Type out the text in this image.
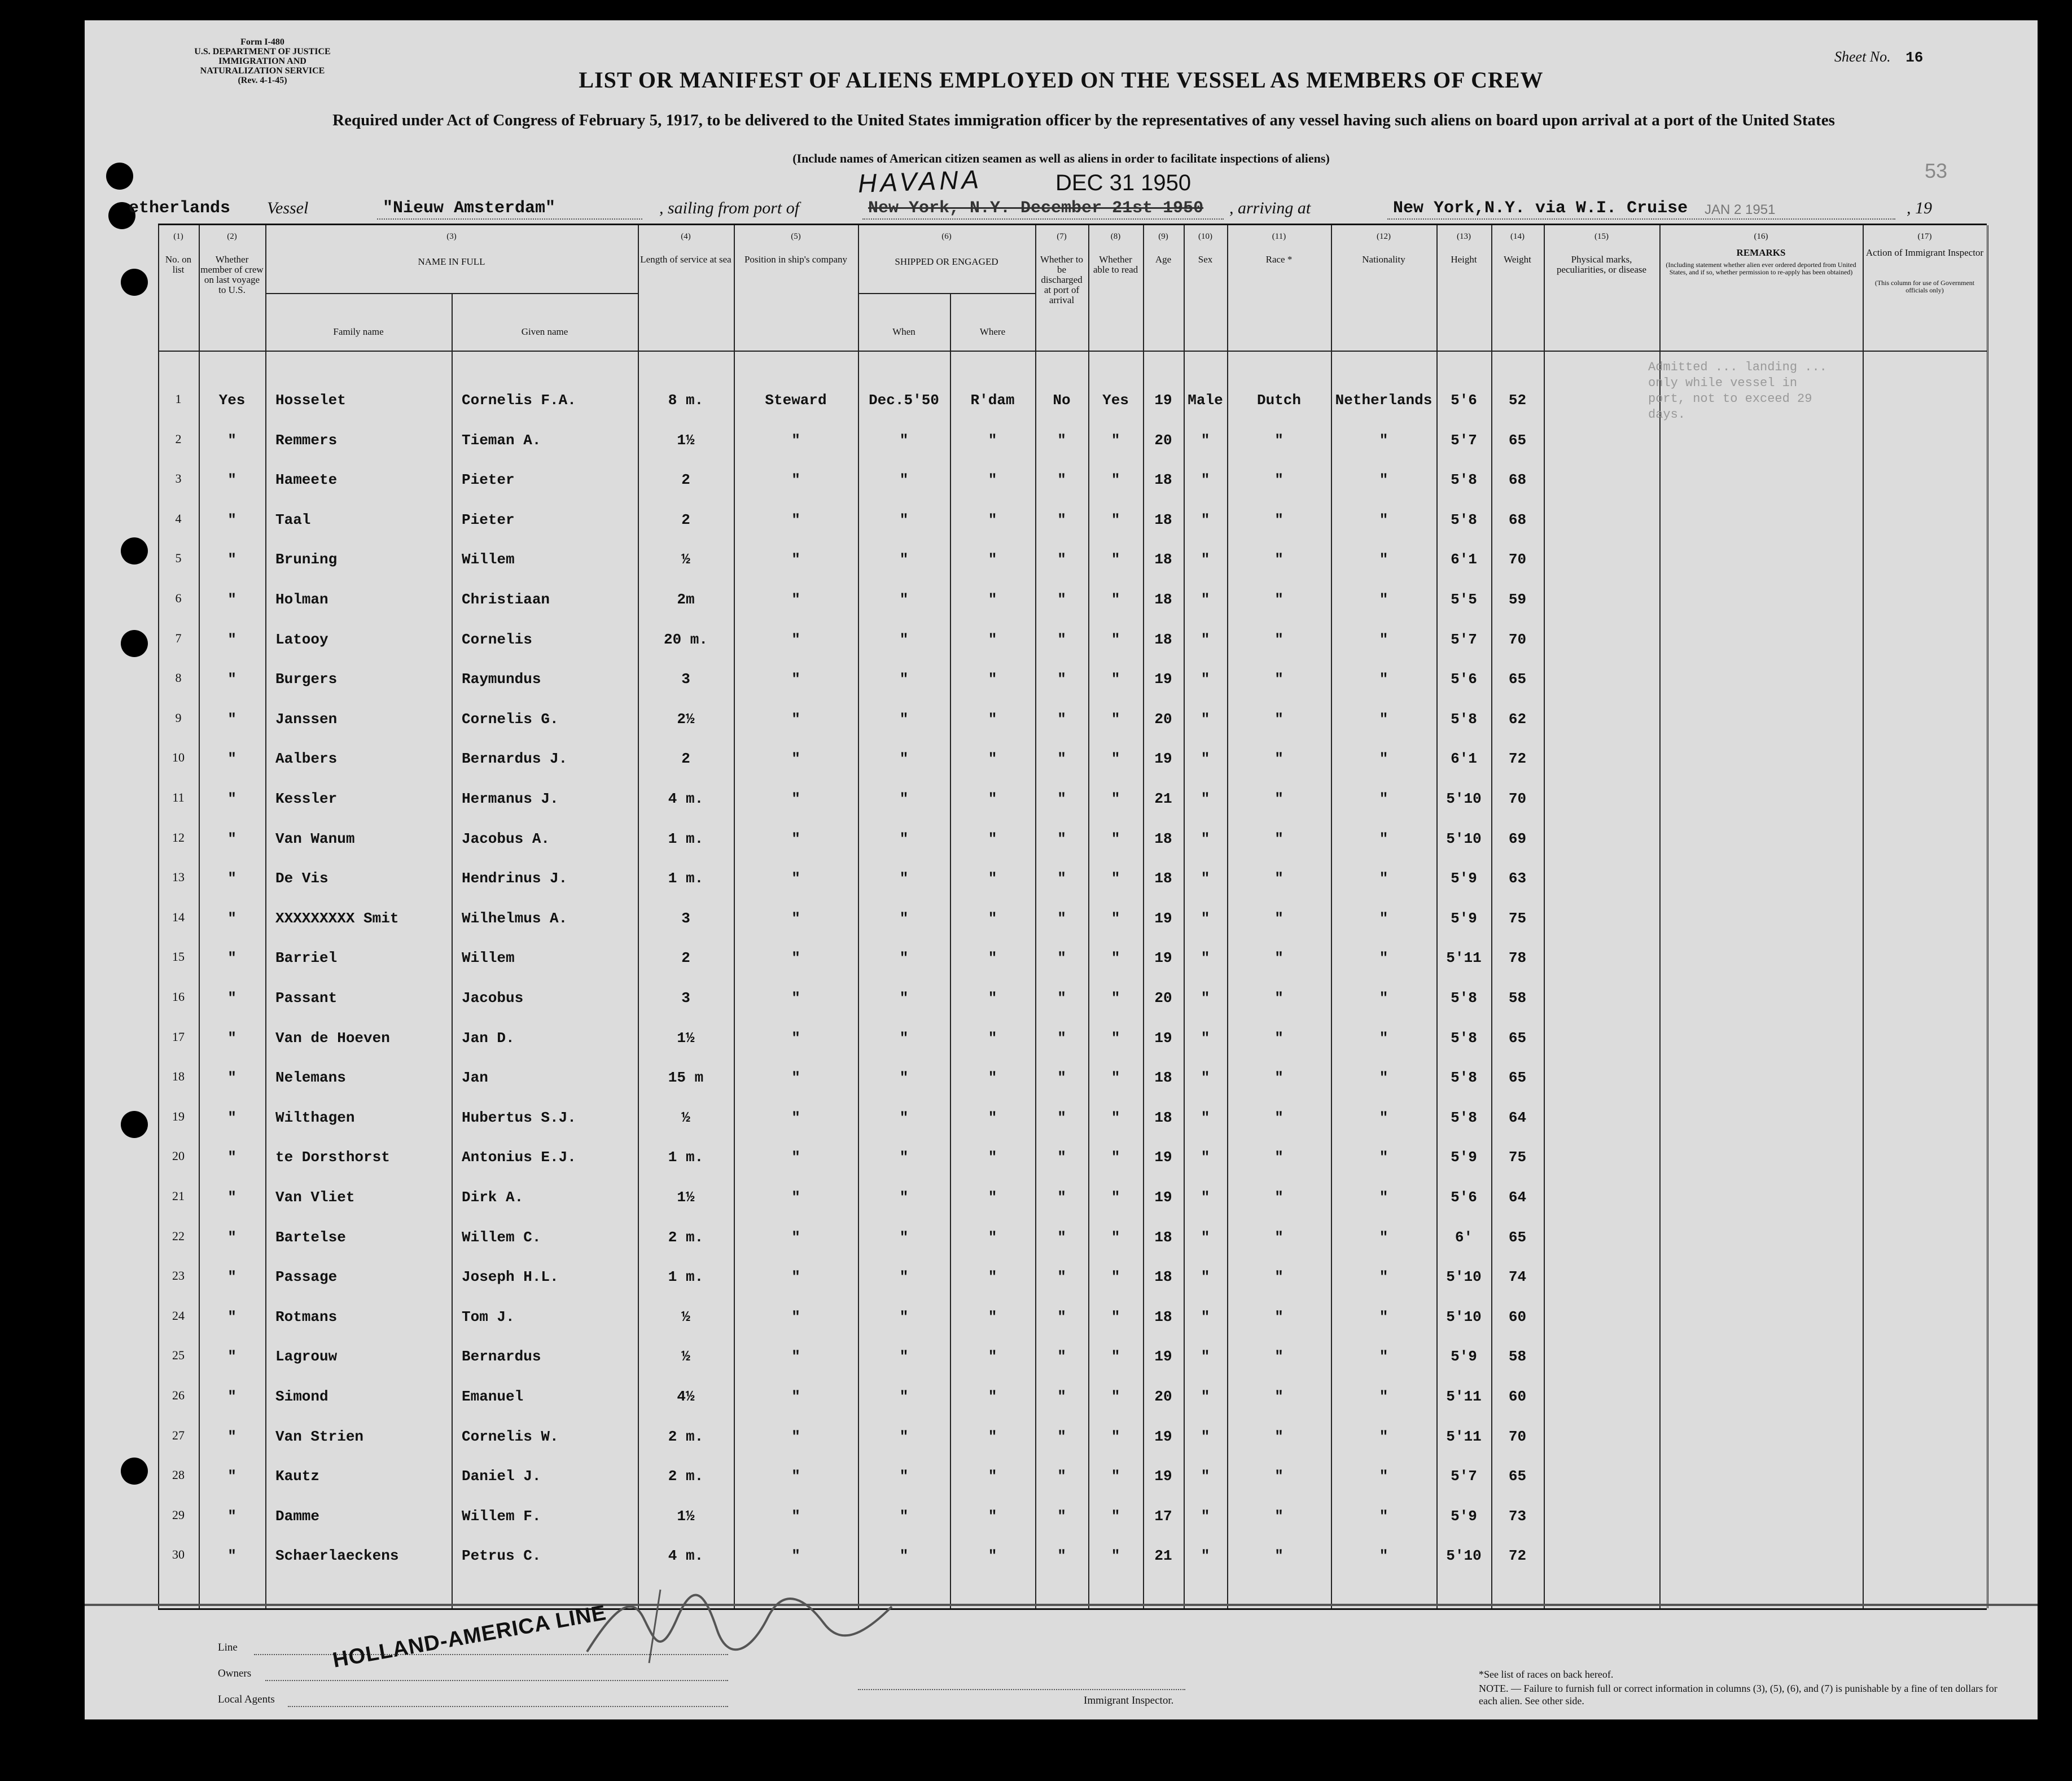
Form I-480
U.S. DEPARTMENT OF JUSTICE
IMMIGRATION AND NATURALIZATION SERVICE
(Rev. 4-1-45)
Sheet No. 16
LIST OR MANIFEST OF ALIENS EMPLOYED ON THE VESSEL AS MEMBERS OF CREW
Required under Act of Congress of February 5, 1917, to be delivered to the United States immigration officer by the representatives of any vessel having such aliens on board upon arrival at a port of the United States
(Include names of American citizen seamen as well as aliens in order to facilitate inspections of aliens)
HAVANA	DEC 31 1950	53
etherlands Vessel	"Nieuw Amsterdam"	, sailing from port of	New York, N.Y. December 21st 1950 , arriving at	New York,N.Y. via W.I. Cruise	, 19
JAN 2 1951
(1)
No. on list
(2)
Whether member of crew on last voyage to U.S.
(3)
NAME IN FULL
(4)
Length of service at sea
(5)
Position in ship's company
(6)
SHIPPED OR ENGAGED
(7)
Whether to be discharged at port of arrival
(8)
Whether able to read
(9)
Age
(10)
Sex
(11)
Race *
(12)
Nationality
(13)
Height
(14)
Weight
(15)
Physical marks, peculiarities, or disease
(16)
REMARKS
(Including statement whether alien ever ordered deported from United States, and if so, whether permission to re-apply has been obtained)
(17)
Action of Immigrant Inspector
(This column for use of Government officials only)
Family name	Given name	When	Where
1	Yes	Hosselet	Cornelis F.A.	8 m.	Steward	Dec.5'50	R'dam	No	Yes	19	Male	Dutch	Netherlands	5'6	52
2	"	Remmers	Tieman A.	1½	"	"	"	"	"	20	"	"	"	5'7	65
3	"	Hameete	Pieter	2	"	"	"	"	"	18	"	"	"	5'8	68
4	"	Taal	Pieter	2	"	"	"	"	"	18	"	"	"	5'8	68
5	"	Bruning	Willem	½	"	"	"	"	"	18	"	"	"	6'1	70
6	"	Holman	Christiaan	2m	"	"	"	"	"	18	"	"	"	5'5	59
7	"	Latooy	Cornelis	20 m.	"	"	"	"	"	18	"	"	"	5'7	70
8	"	Burgers	Raymundus	3	"	"	"	"	"	19	"	"	"	5'6	65
9	"	Janssen	Cornelis G.	2½	"	"	"	"	"	20	"	"	"	5'8	62
10	"	Aalbers	Bernardus J.	2	"	"	"	"	"	19	"	"	"	6'1	72
11	"	Kessler	Hermanus J.	4 m.	"	"	"	"	"	21	"	"	"	5'10	70
12	"	Van Wanum	Jacobus A.	1 m.	"	"	"	"	"	18	"	"	"	5'10	69
13	"	De Vis	Hendrinus J.	1 m.	"	"	"	"	"	18	"	"	"	5'9	63
14	"	XXXXXXXXX Smit	Wilhelmus A.	3	"	"	"	"	"	19	"	"	"	5'9	75
15	"	Barriel	Willem	2	"	"	"	"	"	19	"	"	"	5'11	78
16	"	Passant	Jacobus	3	"	"	"	"	"	20	"	"	"	5'8	58
17	"	Van de Hoeven	Jan D.	1½	"	"	"	"	"	19	"	"	"	5'8	65
18	"	Nelemans	Jan	15 m	"	"	"	"	"	18	"	"	"	5'8	65
19	"	Wilthagen	Hubertus S.J.	½	"	"	"	"	"	18	"	"	"	5'8	64
20	"	te Dorsthorst	Antonius E.J.	1 m.	"	"	"	"	"	19	"	"	"	5'9	75
21	"	Van Vliet	Dirk A.	1½	"	"	"	"	"	19	"	"	"	5'6	64
22	"	Bartelse	Willem C.	2 m.	"	"	"	"	"	18	"	"	"	6'	65
23	"	Passage	Joseph H.L.	1 m.	"	"	"	"	"	18	"	"	"	5'10	74
24	"	Rotmans	Tom J.	½	"	"	"	"	"	18	"	"	"	5'10	60
25	"	Lagrouw	Bernardus	½	"	"	"	"	"	19	"	"	"	5'9	58
26	"	Simond	Emanuel	4½	"	"	"	"	"	20	"	"	"	5'11	60
27	"	Van Strien	Cornelis W.	2 m.	"	"	"	"	"	19	"	"	"	5'11	70
28	"	Kautz	Daniel J.	2 m.	"	"	"	"	"	19	"	"	"	5'7	65
29	"	Damme	Willem F.	1½	"	"	"	"	"	17	"	"	"	5'9	73
30	"	Schaerlaeckens	Petrus C.	4 m.	"	"	"	"	"	21	"	"	"	5'10	72
Admitted ... landing ... only while vessel in port, not to exceed 29 days.
Line
Owners
Local Agents
HOLLAND-AMERICA LINE
Immigrant Inspector.
*See list of races on back hereof.
NOTE. — Failure to furnish full or correct information in columns (3), (5), (6), and (7) is punishable by a fine of ten dollars for each alien. See other side.
